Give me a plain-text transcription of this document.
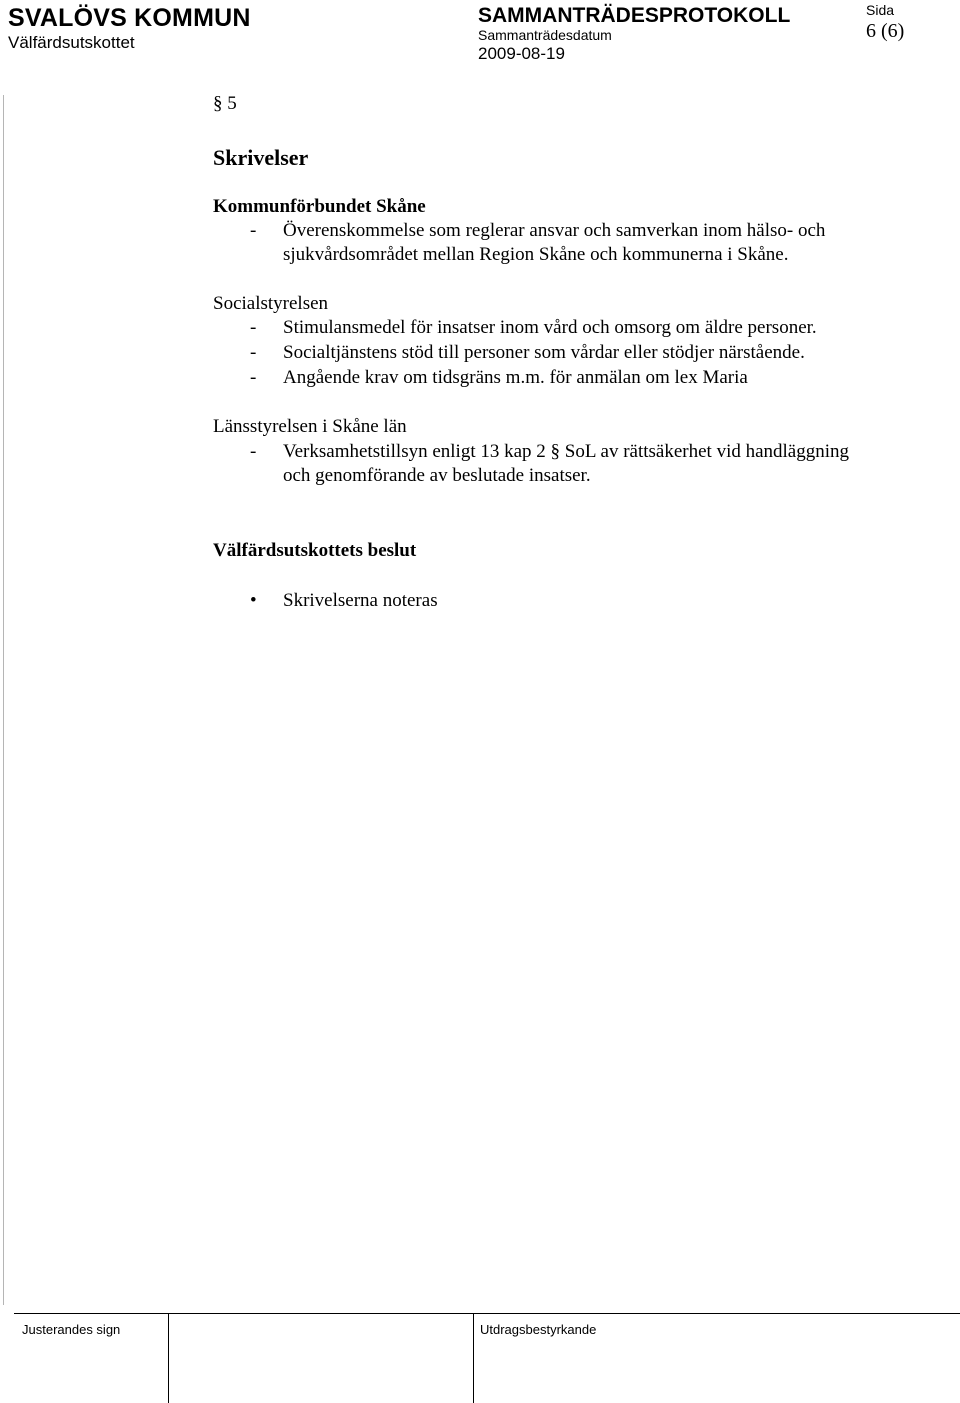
SVALÖVS KOMMUN
Välfärdsutskottet
SAMMANTRÄDESPROTOKOLL
Sammanträdesdatum
2009-08-19
Sida
6 (6)
§ 5
Skrivelser
Kommunförbundet Skåne
- Överenskommelse som reglerar ansvar och samverkan inom hälso- och
sjukvårdsområdet mellan Region Skåne och kommunerna i Skåne.
Socialstyrelsen
- Stimulansmedel för insatser inom vård och omsorg om äldre personer.
- Socialtjänstens stöd till personer som vårdar eller stödjer närstående.
- Angående krav om tidsgräns m.m. för anmälan om lex Maria
Länsstyrelsen i Skåne län
- Verksamhetstillsyn enligt 13 kap 2 § SoL av rättsäkerhet vid handläggning
och genomförande av beslutade insatser.
Välfärdsutskottets beslut
• Skrivelserna noteras
Justerandes sign	Utdragsbestyrkande
